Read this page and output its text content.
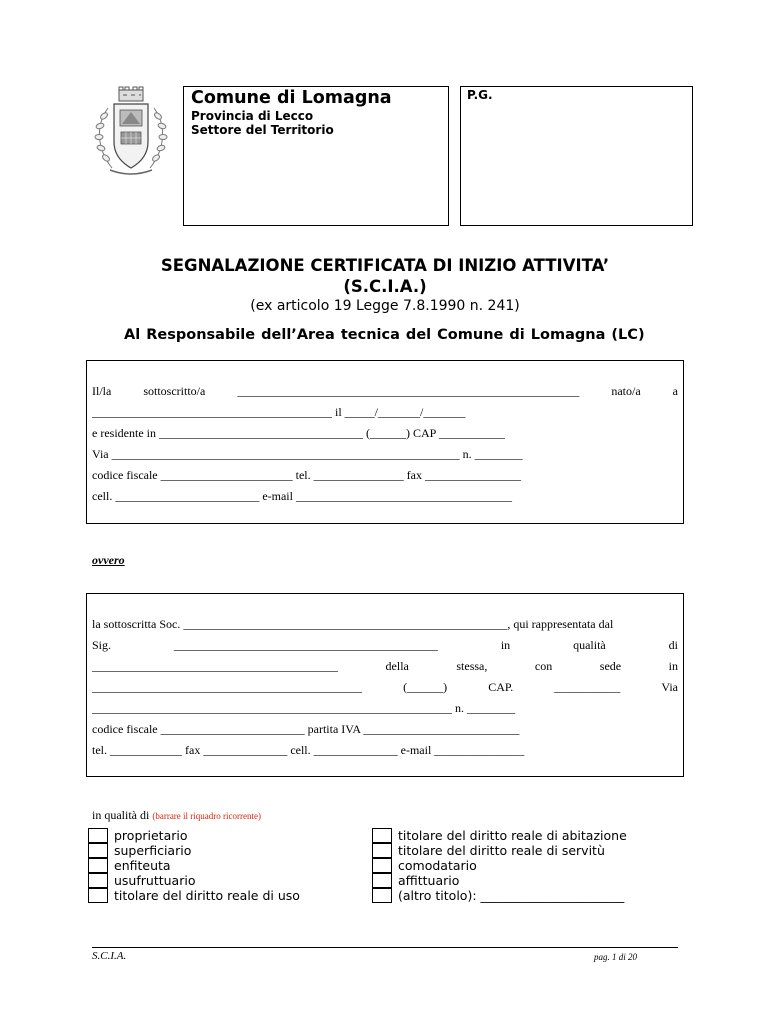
Comune di Lomagna
Provincia di Lecco
Settore del Territorio
P.G.
SEGNALAZIONE CERTIFICATA DI INIZIO ATTIVITA’
(S.C.I.A.)
(ex articolo 19 Legge 7.8.1990 n. 241)
Al Responsabile dell’Area tecnica del Comune di Lomagna (LC)
Il/la	sottoscritto/a	_________________________________________________________	nato/a	a
________________________________________ il _____/_______/_______
e residente in __________________________________ (______) CAP ___________
Via __________________________________________________________ n. ________
codice fiscale ______________________ tel. _______________ fax ________________
cell. ________________________ e-mail ____________________________________
ovvero
la sottoscritta Soc. ______________________________________________________, qui rappresentata dal
Sig.	____________________________________________	in	qualità	di
_________________________________________	della	stessa,	con	sede	in
_____________________________________________	(______)	CAP.	___________	Via
____________________________________________________________ n. ________
codice fiscale ________________________ partita IVA __________________________
tel. ____________ fax ______________ cell. ______________ e-mail _______________
in qualità di (barrare il riquadro ricorrente)
proprietario
superficiario
enfiteuta
usufruttuario
titolare del diritto reale di uso
titolare del diritto reale di abitazione
titolare del diritto reale di servitù
comodatario
affittuario
(altro titolo): _______________________
S.C.I.A.	pag. 1 di 20
